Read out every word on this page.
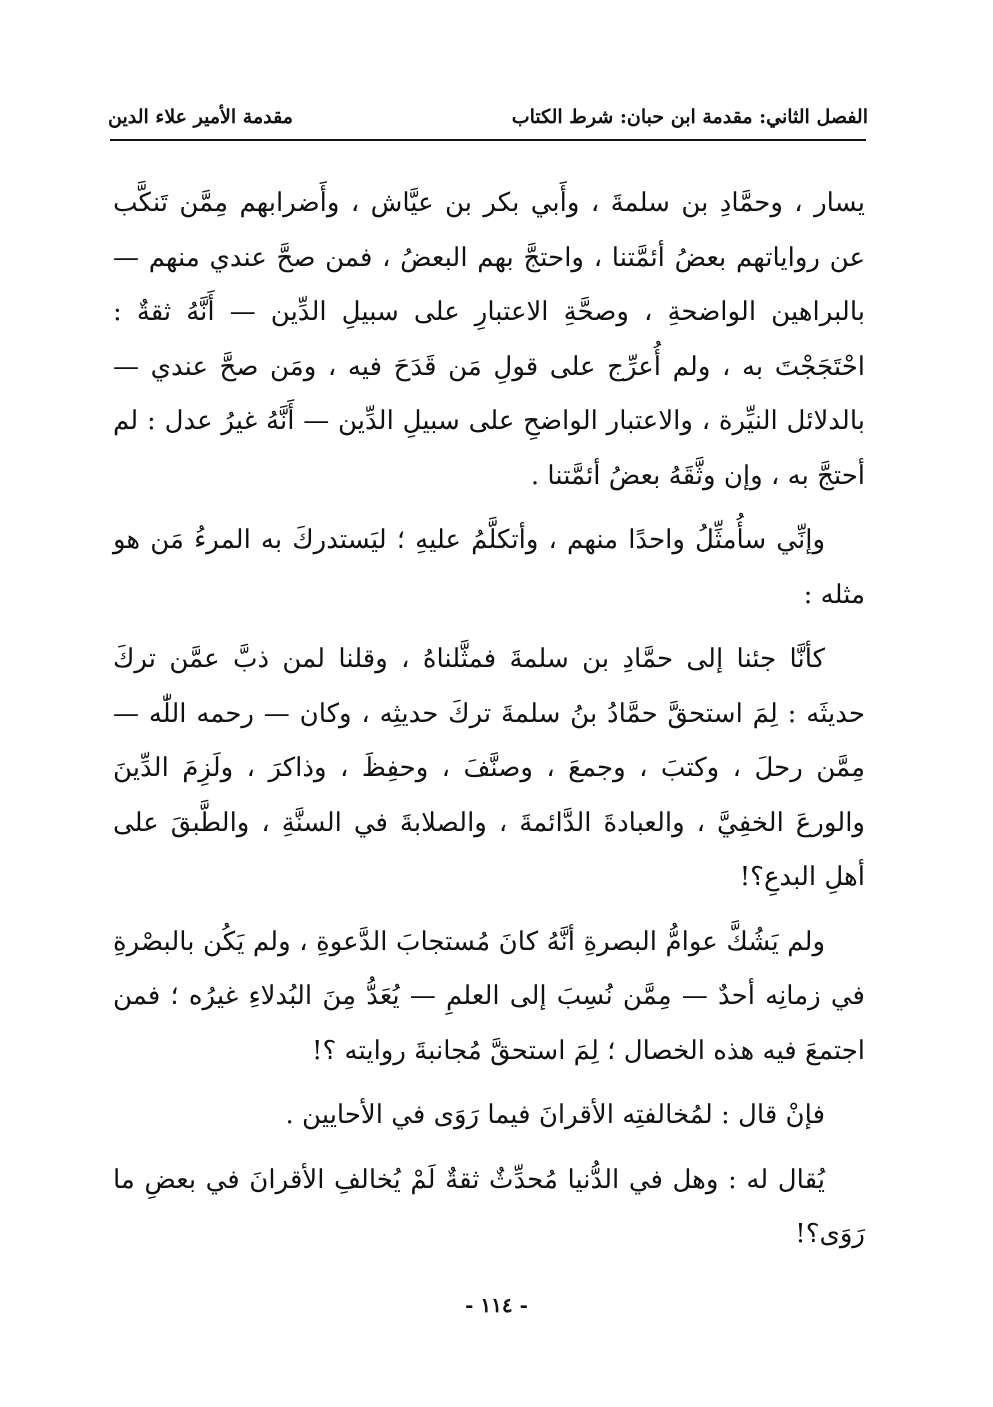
الفصل الثاني: مقدمة ابن حبان: شرط الكتاب
مقدمة الأمير علاء الدين

يسار ، وحمَّادِ بن سلمةَ ، وأَبي بكر بن عيَّاش ، وأَضرابهم مِمَّن تَنكَّب عن رواياتهم بعضُ أئمَّتنا ، واحتجَّ بهم البعضُ ، فمن صحَّ عندي منهم — بالبراهين الواضحةِ ، وصحَّةِ الاعتبارِ على سبيلِ الدِّين — أَنَّهُ ثقةٌ : احْتَجَجْتَ به ، ولم أُعرِّج على قولِ مَن قَدَحَ فيه ، ومَن صحَّ عندي — بالدلائل النيِّرة ، والاعتبار الواضحِ على سبيلِ الدِّين — أَنَّهُ غيرُ عدل : لم أحتجَّ به ، وإن وثَّقَهُ بعضُ أئمَّتنا .

وإنِّي سأُمثِّلُ واحدًا منهم ، وأتكلَّمُ عليهِ ؛ ليَستدركَ به المرءُ مَن هو مثله :

كأنَّا جئنا إلى حمَّادِ بن سلمةَ فمثَّلناهُ ، وقلنا لمن ذبَّ عمَّن تركَ حديثَه : لِمَ استحقَّ حمَّادُ بنُ سلمةَ تركَ حديثِه ، وكان — رحمه اللّٰه — مِمَّن رحلَ ، وكتبَ ، وجمعَ ، وصنَّفَ ، وحفِظَ ، وذاكرَ ، ولَزِمَ الدِّينَ والورعَ الخفِيَّ ، والعبادةَ الدَّائمةَ ، والصلابةَ في السنَّةِ ، والطَّبقَ على أهلِ البدعِ؟!

ولم يَشُكَّ عوامُّ البصرةِ أنَّهُ كانَ مُستجابَ الدَّعوةِ ، ولم يَكُن بالبصْرةِ في زمانِه أحدٌ — مِمَّن نُسِبَ إلى العلمِ — يُعَدُّ مِنَ البُدلاءِ غيرُه ؛ فمن اجتمعَ فيه هذه الخصال ؛ لِمَ استحقَّ مُجانبةَ روايته ؟!

فإنْ قال : لمُخالفتِه الأقرانَ فيما رَوَى في الأحايين .

يُقال له : وهل في الدُّنيا مُحدِّثٌ ثقةٌ لَمْ يُخالفِ الأقرانَ في بعضِ ما رَوَى؟!

- ١١٤ -
